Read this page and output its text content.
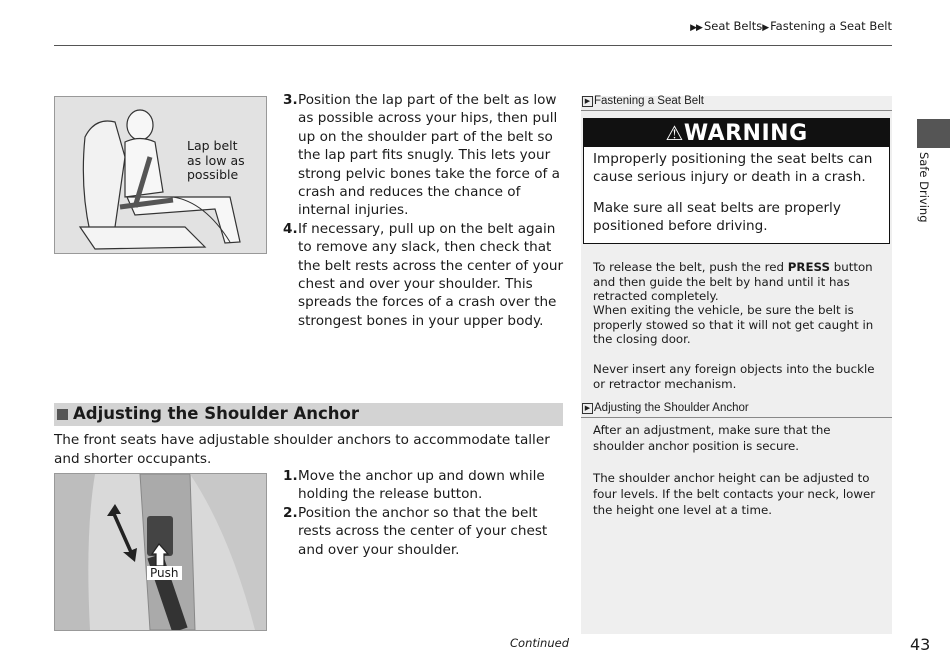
▶▶ Seat Belts▶ Fastening a Seat Belt
Lap belt
as low as
possible
3. Position the lap part of the belt as low as possible across your hips, then pull up on the shoulder part of the belt so the lap part fits snugly. This lets your strong pelvic bones take the force of a crash and reduces the chance of internal injuries.
4. If necessary, pull up on the belt again to remove any slack, then check that the belt rests across the center of your chest and over your shoulder. This spreads the forces of a crash over the strongest bones in your upper body.
Adjusting the Shoulder Anchor
The front seats have adjustable shoulder anchors to accommodate taller and shorter occupants.
Push
1. Move the anchor up and down while holding the release button.
2. Position the anchor so that the belt rests across the center of your chest and over your shoulder.
▶ Fastening a Seat Belt
⚠WARNING
Improperly positioning the seat belts can cause serious injury or death in a crash.
Make sure all seat belts are properly positioned before driving.
To release the belt, push the red PRESS button and then guide the belt by hand until it has retracted completely.
When exiting the vehicle, be sure the belt is properly stowed so that it will not get caught in the closing door.
Never insert any foreign objects into the buckle or retractor mechanism.
▶ Adjusting the Shoulder Anchor
After an adjustment, make sure that the shoulder anchor position is secure.
The shoulder anchor height can be adjusted to four levels. If the belt contacts your neck, lower the height one level at a time.
Safe Driving
Continued	43
